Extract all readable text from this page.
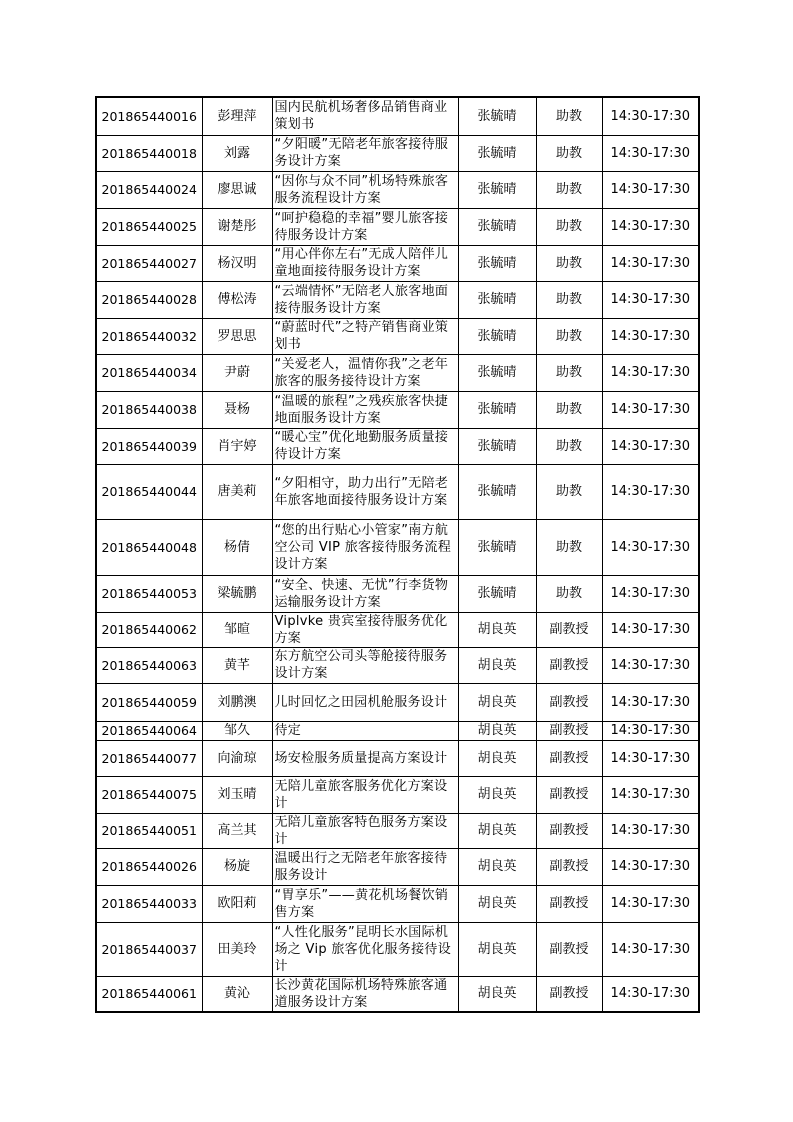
201865440016	彭理萍	国内民航机场奢侈品销售商业策划书	张毓晴	助教	14:30-17:30
201865440018	刘露	“夕阳暖”无陪老年旅客接待服务设计方案	张毓晴	助教	14:30-17:30
201865440024	廖思诚	“因你与众不同”机场特殊旅客服务流程设计方案	张毓晴	助教	14:30-17:30
201865440025	谢楚彤	“呵护稳稳的幸福”婴儿旅客接待服务设计方案	张毓晴	助教	14:30-17:30
201865440027	杨汉明	“用心伴你左右”无成人陪伴儿童地面接待服务设计方案	张毓晴	助教	14:30-17:30
201865440028	傅松涛	“云端情怀”无陪老人旅客地面接待服务设计方案	张毓晴	助教	14:30-17:30
201865440032	罗思思	“蔚蓝时代”之特产销售商业策划书	张毓晴	助教	14:30-17:30
201865440034	尹蔚	“关爱老人，温情你我”之老年旅客的服务接待设计方案	张毓晴	助教	14:30-17:30
201865440038	聂杨	“温暖的旅程”之残疾旅客快捷地面服务设计方案	张毓晴	助教	14:30-17:30
201865440039	肖宇婷	“暖心宝”优化地勤服务质量接待设计方案	张毓晴	助教	14:30-17:30
201865440044	唐美莉	“夕阳相守，助力出行”无陪老年旅客地面接待服务设计方案	张毓晴	助教	14:30-17:30
201865440048	杨倩	“您的出行贴心小管家”南方航空公司 VIP 旅客接待服务流程设计方案	张毓晴	助教	14:30-17:30
201865440053	梁毓鹏	“安全、快速、无忧”行李货物运输服务设计方案	张毓晴	助教	14:30-17:30
201865440062	邹暄	Viplvke 贵宾室接待服务优化方案	胡良英	副教授	14:30-17:30
201865440063	黄芊	东方航空公司头等舱接待服务设计方案	胡良英	副教授	14:30-17:30
201865440059	刘鹏澳	儿时回忆之田园机舱服务设计	胡良英	副教授	14:30-17:30
201865440064	邹久	待定	胡良英	副教授	14:30-17:30
201865440077	向渝琼	场安检服务质量提高方案设计	胡良英	副教授	14:30-17:30
201865440075	刘玉晴	无陪儿童旅客服务优化方案设计	胡良英	副教授	14:30-17:30
201865440051	高兰其	无陪儿童旅客特色服务方案设计	胡良英	副教授	14:30-17:30
201865440026	杨旋	温暖出行之无陪老年旅客接待服务设计	胡良英	副教授	14:30-17:30
201865440033	欧阳莉	“胃享乐”——黄花机场餐饮销售方案	胡良英	副教授	14:30-17:30
201865440037	田美玲	“人性化服务”昆明长水国际机场之 Vip 旅客优化服务接待设计	胡良英	副教授	14:30-17:30
201865440061	黄沁	长沙黄花国际机场特殊旅客通道服务设计方案	胡良英	副教授	14:30-17:30
